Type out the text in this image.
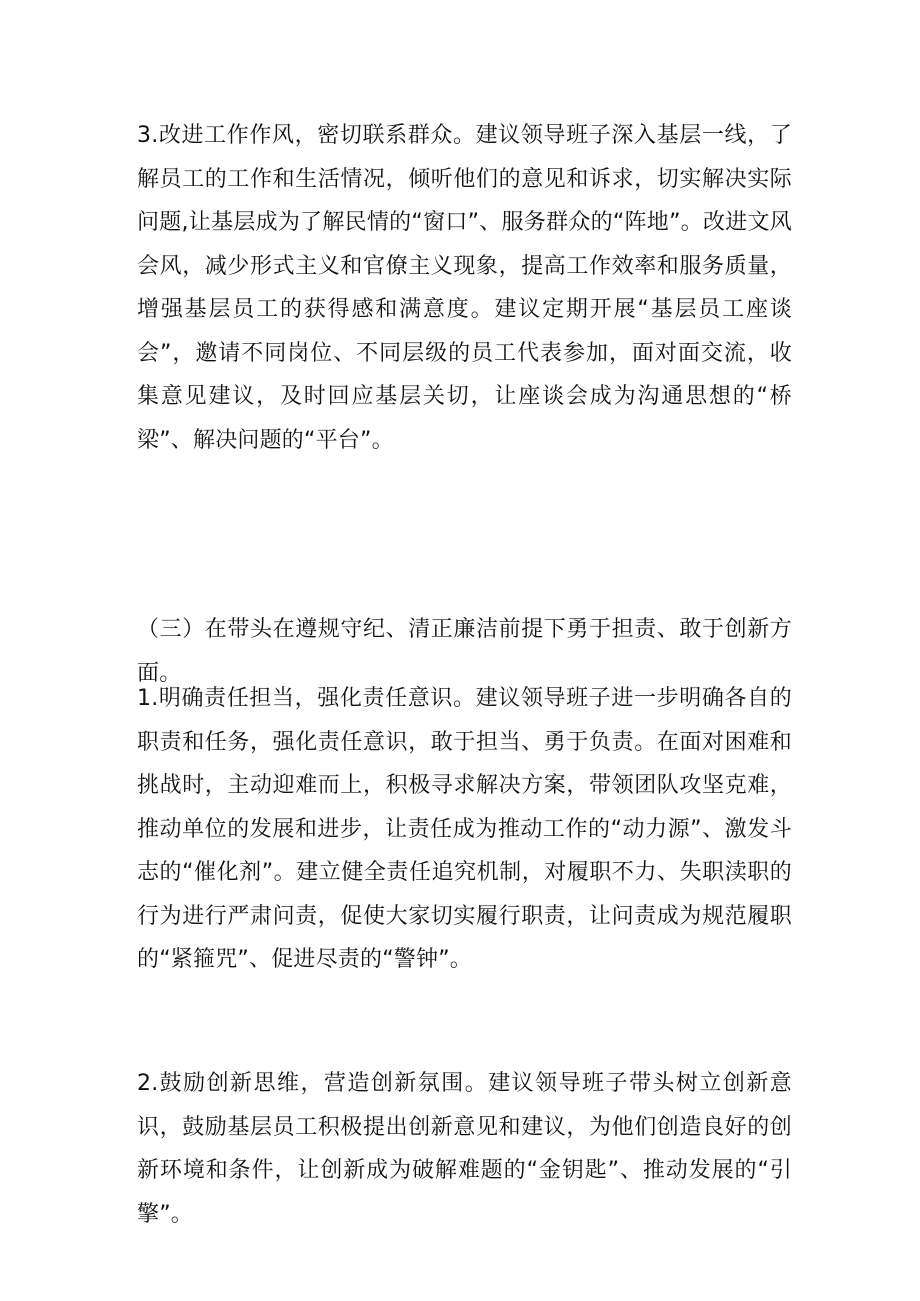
3.改进工作作风，密切联系群众。建议领导班子深入基层一线，了解员工的工作和生活情况，倾听他们的意见和诉求，切实解决实际问题,让基层成为了解民情的“窗口”、服务群众的“阵地”。改进文风会风，减少形式主义和官僚主义现象，提高工作效率和服务质量，增强基层员工的获得感和满意度。建议定期开展“基层员工座谈会”，邀请不同岗位、不同层级的员工代表参加，面对面交流，收集意见建议，及时回应基层关切，让座谈会成为沟通思想的“桥梁”、解决问题的“平台”。

（三）在带头在遵规守纪、清正廉洁前提下勇于担责、敢于创新方面。

1.明确责任担当，强化责任意识。建议领导班子进一步明确各自的职责和任务，强化责任意识，敢于担当、勇于负责。在面对困难和挑战时，主动迎难而上，积极寻求解决方案，带领团队攻坚克难，推动单位的发展和进步，让责任成为推动工作的“动力源”、激发斗志的“催化剂”。建立健全责任追究机制，对履职不力、失职渎职的行为进行严肃问责，促使大家切实履行职责，让问责成为规范履职的“紧箍咒”、促进尽责的“警钟”。

2.鼓励创新思维，营造创新氛围。建议领导班子带头树立创新意识，鼓励基层员工积极提出创新意见和建议，为他们创造良好的创新环境和条件，让创新成为破解难题的“金钥匙”、推动发展的“引擎”。
